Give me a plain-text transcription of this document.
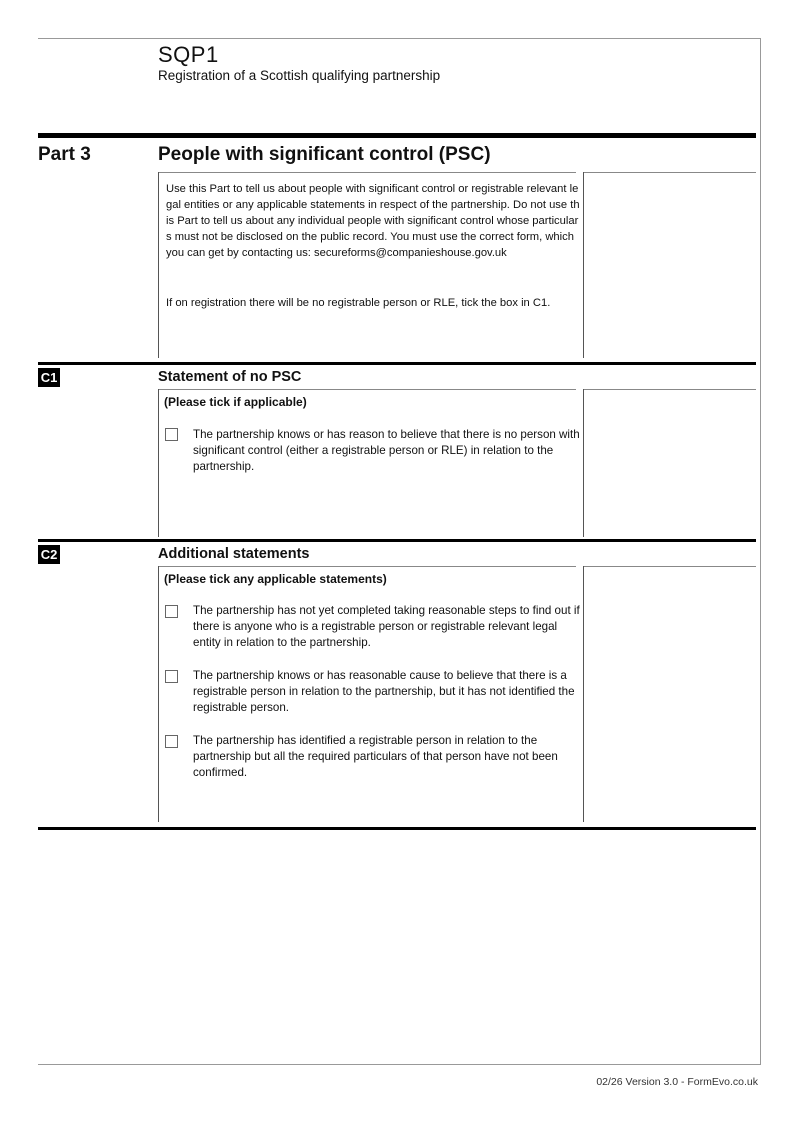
SQP1
Registration of a Scottish qualifying partnership
Part 3	People with significant control (PSC)
Use this Part to tell us about people with significant control or registrable relevant legal entities or any applicable statements in respect of the partnership. Do not use this Part to tell us about any individual people with significant control whose particulars must not be disclosed on the public record. You must use the correct form, which you can get by contacting us: secureforms@companieshouse.gov.uk
If on registration there will be no registrable person or RLE, tick the box in C1.
C1	Statement of no PSC
(Please tick if applicable)
The partnership knows or has reason to believe that there is no person with significant control (either a registrable person or RLE) in relation to the partnership.
C2	Additional statements
(Please tick any applicable statements)
The partnership has not yet completed taking reasonable steps to find out if there is anyone who is a registrable person or registrable relevant legal entity in relation to the partnership.
The partnership knows or has reasonable cause to believe that there is a registrable person in relation to the partnership, but it has not identified the registrable person.
The partnership has identified a registrable person in relation to the partnership but all the required particulars of that person have not been confirmed.
02/26 Version 3.0 - FormEvo.co.uk
